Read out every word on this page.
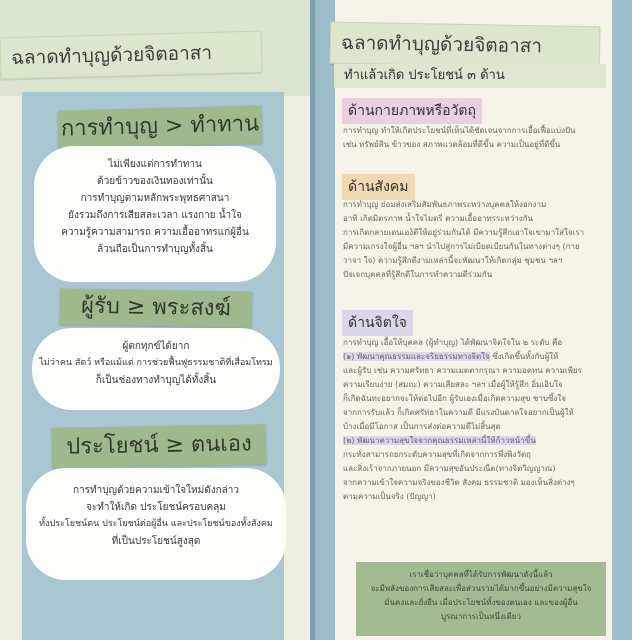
ฉลาดทำบุญด้วยจิตอาสา
การทำบุญ > ทำทาน
ไม่เพียงแต่การทำทาน
ด้วยข้าวของเงินทองเท่านั้น
การทำบุญตามหลักพระพุทธศาสนา
ยังรวมถึงการเสียสละเวลา แรงกาย น้ำใจ
ความรู้ความสามารถ ความเอื้ออาทรแก่ผู้อื่น
ล้วนถือเป็นการทำบุญทั้งสิ้น
ผู้รับ ≥ พระสงฆ์
ผู้ตกทุกข์ได้ยาก
ไม่ว่าคน สัตว์ หรือแม้แต่ การช่วยฟื้นฟูธรรมชาติที่เสื่อมโทรม
ก็เป็นช่องทางทำบุญได้ทั้งสิ้น
ประโยชน์ ≥ ตนเอง
การทำบุญด้วยความเข้าใจใหม่ดังกล่าว
จะทำให้เกิด ประโยชน์ครอบคลุม
ทั้งประโยชน์ตน ประโยชน์ต่อผู้อื่น และประโยชน์ของทั้งสังคม
ที่เป็นประโยชน์สูงสุด
ฉลาดทำบุญด้วยจิตอาสา
ทำแล้วเกิด ประโยชน์ ๓ ด้าน
ด้านกายภาพหรือวัตถุ
การทำบุญ ทำให้เกิดประโยชน์ที่เห็นได้ชัดเจนจากการเอื้อเฟื้อแบ่งปัน
เช่น ทรัพย์สิน ข้าวของ สภาพแวดล้อมที่ดีขึ้น ความเป็นอยู่ที่ดีขึ้น
ด้านสังคม
การทำบุญ ย่อมส่งเสริมสัมพันธภาพระหว่างบุคคลให้งอกงาม
อาทิ เกิดมิตรภาพ น้ำใจไมตรี ความเอื้ออาทรระหว่างกัน
การเกิดกลายเดนเอง้ตีให้อยู่ร่วมกันได้ มีความรู้สึกเอาใจเขามาใส่ใจเรา
มีความเกรงใจผู้อื่น ฯลฯ นำไปสู่การไม่เบียดเบียนกันในทางต่างๆ (กาย
วาจา ใจ) ความรู้สึกดีงามเหล่านี้จะพัฒนาให้เกิดกลุ่ม ชุมชน ฯลฯ
ปัจเจกบุคคลที่รู้สึกดีในการทำความดีร่วมกัน
ด้านจิตใจ
การทำบุญ เอื้อให้บุคคล (ผู้ทำบุญ) ได้พัฒนาจิตใจใน ๒ ระดับ คือ
(๑) พัฒนาคุณธรรมและจริยธรรมทางจิตใจ ซึ่งเกิดขึ้นทั้งกับผู้ให้
และผู้รับ เช่น ความศรัทธา ความเมตตากรุณา ความอดทน ความเพียร
ความเรียบง่าย (สมถะ) ความเสียสละ ฯลฯ เมื่อผู้ให้รู้สึก อิ่มเอิบใจ
ก็เกิดฉันทะอยากจะให้ต่อไปอีก ผู้รับเองเมื่อเกิดความสุข ชาบซึ้งใจ
จากการรับแล้ว ก็เกิดศรัทธาในความดี มีแรงบันดาลใจอยากเป็นผู้ให้
บ้างเมื่อมีโอกาส เป็นการส่งต่อความดีไม่สิ้นสุด
(๒) พัฒนาความสุขใจจากคุณธรรมเหล่านี้ให้ก้าวหน้าขึ้น
กระทั่งสามารถยกระดับความสุขที่เกิดจากการพึ่งพิงวัตถุ
และสิ่งเร้าจากภายนอก มีความสุขอันประณีต(ทางจิตวิญญาณ)
จากความเข้าใจความจริงของชีวิต สังคม ธรรมชาติ มองเห็นสิ่งต่างๆ
ตามความเป็นจริง (ปัญญา)
เราเชื่อว่าบุคคลที่ได้รับการพัฒนาดังนี้แล้ว
จะมีพลังของการเสียสละเพื่อส่วนรวมได้มากขึ้นอย่างมีความสุขใจ
มั่นคงและยั่งยืน เมื่อประโยชน์ทั้งของตนเอง และของผู้อื่น
บูรณาการเป็นหนึ่งเดียว
